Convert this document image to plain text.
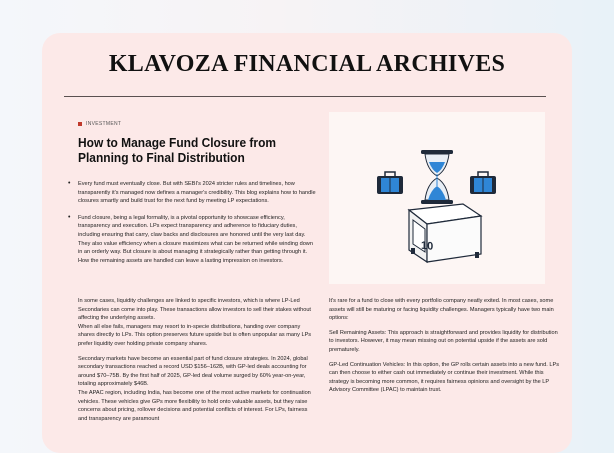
KLAVOZA FINANCIAL ARCHIVES
INVESTMENT
How to Manage Fund Closure from Planning to Final Distribution
• Every fund must eventually close. But with SEBI's 2024 stricter rules and timelines, how transparently it's managed now defines a manager's credibility. This blog explains how to handle closures smartly and build trust for the next fund by meeting LP expectations.
• Fund closure, being a legal formality, is a pivotal opportunity to showcase efficiency, transparency and execution. LPs expect transparency and adherence to fiduciary duties, including ensuring that carry, claw backs and disclosures are honored until the very last day. They also value efficiency when a closure maximizes what can be returned while winding down in an orderly way. But closure is about managing it strategically rather than getting through it. How the remaining assets are handled can leave a lasting impression on investors.
10

In some cases, liquidity challenges are linked to specific investors, which is where LP-Led Secondaries can come into play. These transactions allow investors to sell their stakes without affecting the underlying assets.
When all else fails, managers may resort to in-specie distributions, handing over company shares directly to LPs. This option preserves future upside but is often unpopular as many LPs prefer liquidity over holding private company shares.

Secondary markets have become an essential part of fund closure strategies. In 2024, global secondary transactions reached a record USD $156–162B, with GP-led deals accounting for around $70–75B. By the first half of 2025, GP-led deal volume surged by 60% year-on-year, totaling approximately $46B.
The APAC region, including India, has become one of the most active markets for continuation vehicles. These vehicles give GPs more flexibility to hold onto valuable assets, but they raise concerns about pricing, rollover decisions and potential conflicts of interest. For LPs, fairness and transparency are paramount

It's rare for a fund to close with every portfolio company neatly exited. In most cases, some assets will still be maturing or facing liquidity challenges. Managers typically have two main options:

Sell Remaining Assets: This approach is straightforward and provides liquidity for distribution to investors. However, it may mean missing out on potential upside if the assets are sold prematurely.

GP-Led Continuation Vehicles: In this option, the GP rolls certain assets into a new fund. LPs can then choose to either cash out immediately or continue their investment. While this strategy is becoming more common, it requires fairness opinions and oversight by the LP Advisory Committee (LPAC) to maintain trust.
